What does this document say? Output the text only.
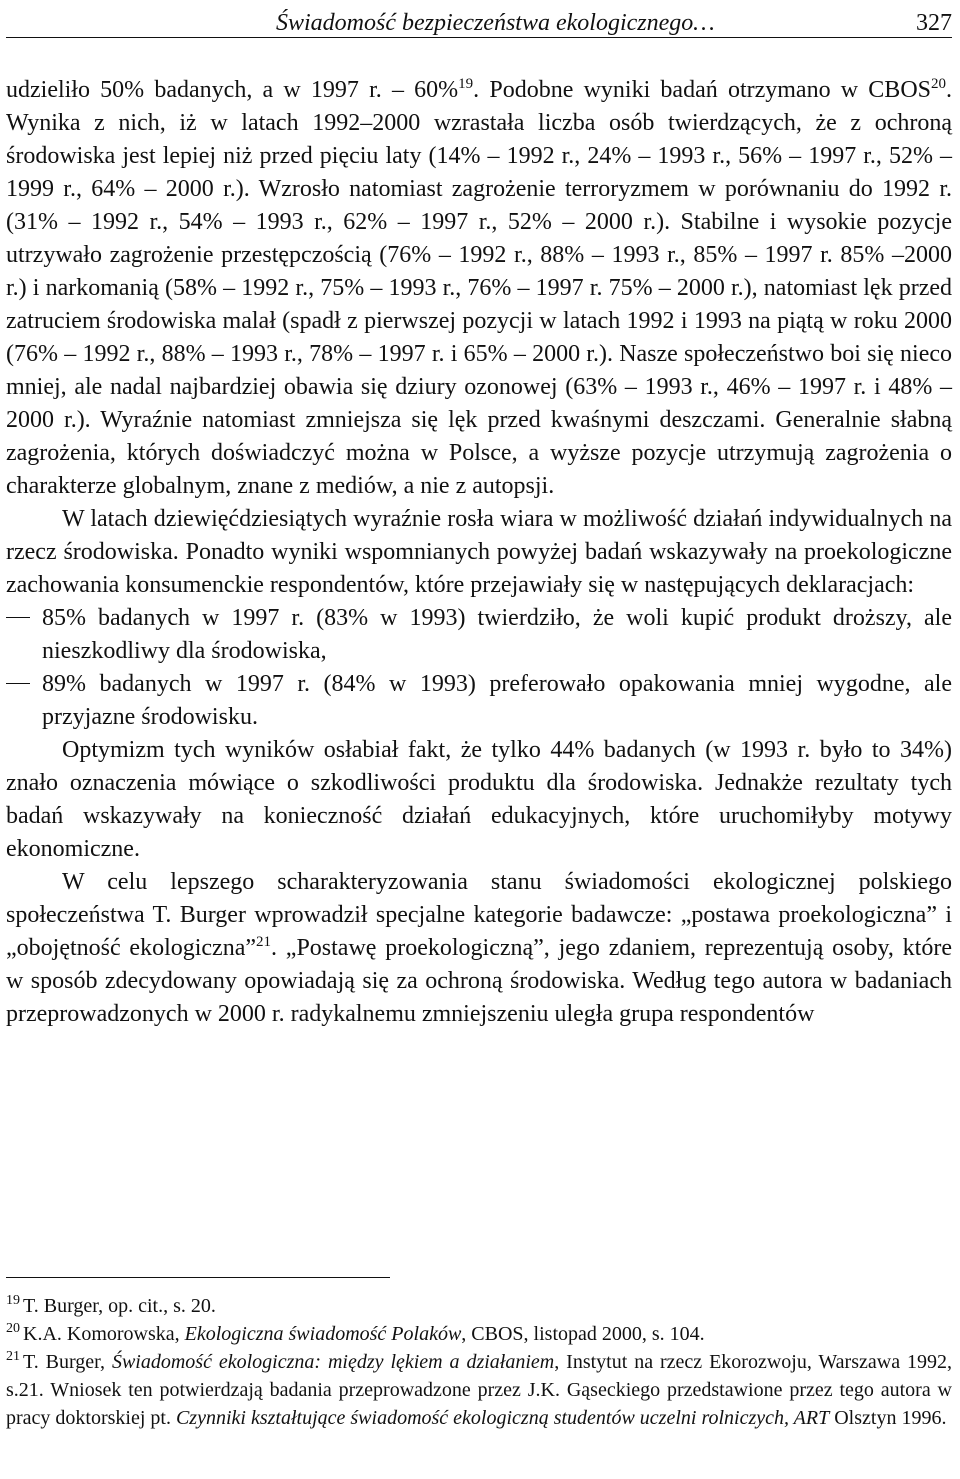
Świadomość bezpieczeństwa ekologicznego…	327

udzieliło 50% badanych, a w 1997 r. – 60%$^{19}$. Podobne wyniki badań otrzymano w CBOS$^{20}$. Wynika z nich, iż w latach 1992–2000 wzrastała liczba osób twierdzących, że z ochroną środowiska jest lepiej niż przed pięciu laty (14% – 1992 r., 24% – 1993 r., 56% – 1997 r., 52% – 1999 r., 64% – 2000 r.). Wzrosło natomiast zagrożenie terroryzmem w porównaniu do 1992 r. (31% – 1992 r., 54% – 1993 r., 62% – 1997 r., 52% – 2000 r.). Stabilne i wysokie pozycje utrzywało zagrożenie przestępczością (76% – 1992 r., 88% – 1993 r., 85% – 1997 r. 85% –2000 r.) i narkomanią (58% – 1992 r., 75% – 1993 r., 76% – 1997 r. 75% – 2000 r.), natomiast lęk przed zatruciem środowiska malał (spadł z pierwszej pozycji w latach 1992 i 1993 na piątą w roku 2000 (76% – 1992 r., 88% – 1993 r., 78% – 1997 r. i 65% – 2000 r.). Nasze społeczeństwo boi się nieco mniej, ale nadal najbardziej obawia się dziury ozonowej (63% – 1993 r., 46% – 1997 r. i 48% – 2000 r.). Wyraźnie natomiast zmniejsza się lęk przed kwaśnymi deszczami. Generalnie słabną zagrożenia, których doświadczyć można w Polsce, a wyższe pozycje utrzymują zagrożenia o charakterze globalnym, znane z mediów, a nie z autopsji.

W latach dziewięćdziesiątych wyraźnie rosła wiara w możliwość działań indywidualnych na rzecz środowiska. Ponadto wyniki wspomnianych powyżej badań wskazywały na proekologiczne zachowania konsumenckie respondentów, które przejawiały się w następujących deklaracjach:

85% badanych w 1997 r. (83% w 1993) twierdziło, że woli kupić produkt droższy, ale nieszkodliwy dla środowiska,
89% badanych w 1997 r. (84% w 1993) preferowało opakowania mniej wygodne, ale przyjazne środowisku.

Optymizm tych wyników osłabiał fakt, że tylko 44% badanych (w 1993 r. było to 34%) znało oznaczenia mówiące o szkodliwości produktu dla środowiska. Jednakże rezultaty tych badań wskazywały na konieczność działań edukacyjnych, które uruchomiłyby motywy ekonomiczne.

W celu lepszego scharakteryzowania stanu świadomości ekologicznej polskiego społeczeństwa T. Burger wprowadził specjalne kategorie badawcze: „postawa proekologiczna” i „obojętność ekologiczna”$^{21}$. „Postawę proekologiczną”, jego zdaniem, reprezentują osoby, które w sposób zdecydowany opowiadają się za ochroną środowiska. Według tego autora w badaniach przeprowadzonych w 2000 r. radykalnemu zmniejszeniu uległa grupa respondentów

$^{19}$ T. Burger, op. cit., s. 20.

$^{20}$ K.A. Komorowska, Ekologiczna świadomość Polaków, CBOS, listopad 2000, s. 104.

$^{21}$ T. Burger, Świadomość ekologiczna: między lękiem a działaniem, Instytut na rzecz Ekorozwoju, Warszawa 1992, s.21. Wniosek ten potwierdzają badania przeprowadzone przez J.K. Gąseckiego przedstawione przez tego autora w pracy doktorskiej pt. Czynniki kształtujące świadomość ekologiczną studentów uczelni rolniczych, ART Olsztyn 1996.
